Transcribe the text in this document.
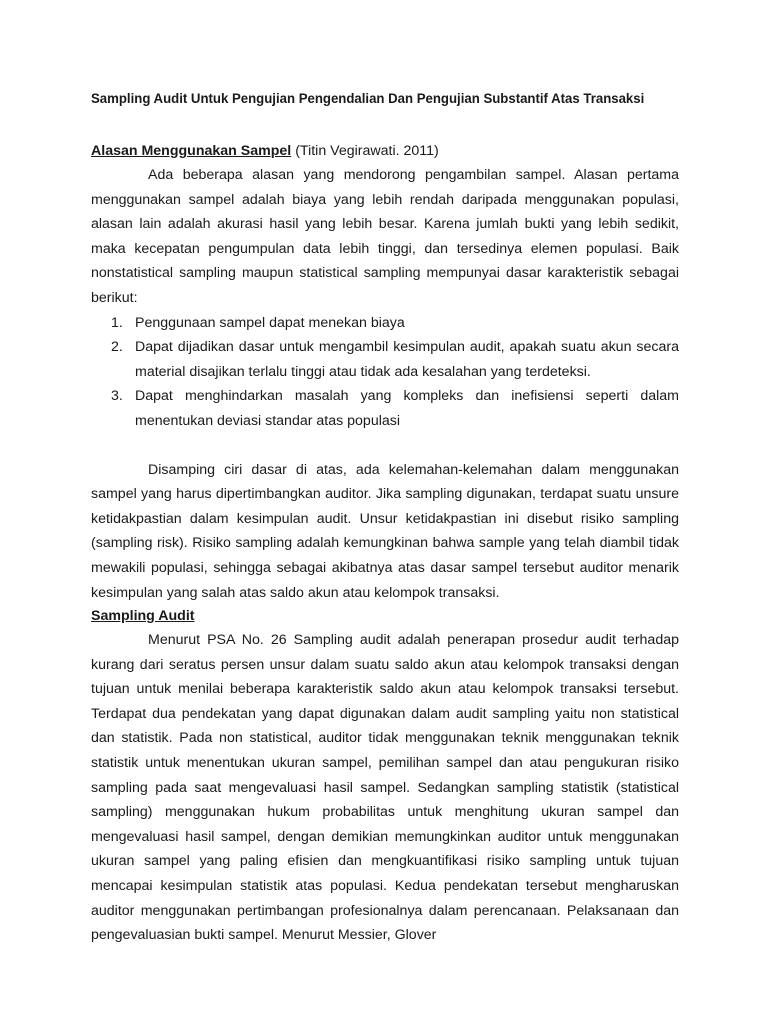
Sampling Audit Untuk Pengujian Pengendalian Dan Pengujian Substantif Atas Transaksi
Alasan Menggunakan Sampel (Titin Vegirawati. 2011)

Ada beberapa alasan yang mendorong pengambilan sampel. Alasan pertama menggunakan sampel adalah biaya yang lebih rendah daripada menggunakan populasi, alasan lain adalah akurasi hasil yang lebih besar. Karena jumlah bukti yang lebih sedikit, maka kecepatan pengumpulan data lebih tinggi, dan tersedinya elemen populasi. Baik nonstatistical sampling maupun statistical sampling mempunyai dasar karakteristik sebagai berikut:

1. Penggunaan sampel dapat menekan biaya
2. Dapat dijadikan dasar untuk mengambil kesimpulan audit, apakah suatu akun secara material disajikan terlalu tinggi atau tidak ada kesalahan yang terdeteksi.
3. Dapat menghindarkan masalah yang kompleks dan inefisiensi seperti dalam menentukan deviasi standar atas populasi

Disamping ciri dasar di atas, ada kelemahan-kelemahan dalam menggunakan sampel yang harus dipertimbangkan auditor. Jika sampling digunakan, terdapat suatu unsure ketidakpastian dalam kesimpulan audit. Unsur ketidakpastian ini disebut risiko sampling (sampling risk). Risiko sampling adalah kemungkinan bahwa sample yang telah diambil tidak mewakili populasi, sehingga sebagai akibatnya atas dasar sampel tersebut auditor menarik kesimpulan yang salah atas saldo akun atau kelompok transaksi.

Sampling Audit

Menurut PSA No. 26 Sampling audit adalah penerapan prosedur audit terhadap kurang dari seratus persen unsur dalam suatu saldo akun atau kelompok transaksi dengan tujuan untuk menilai beberapa karakteristik saldo akun atau kelompok transaksi tersebut. Terdapat dua pendekatan yang dapat digunakan dalam audit sampling yaitu non statistical dan statistik. Pada non statistical, auditor tidak menggunakan teknik menggunakan teknik statistik untuk menentukan ukuran sampel, pemilihan sampel dan atau pengukuran risiko sampling pada saat mengevaluasi hasil sampel. Sedangkan sampling statistik (statistical sampling) menggunakan hukum probabilitas untuk menghitung ukuran sampel dan mengevaluasi hasil sampel, dengan demikian memungkinkan auditor untuk menggunakan ukuran sampel yang paling efisien dan mengkuantifikasi risiko sampling untuk tujuan mencapai kesimpulan statistik atas populasi. Kedua pendekatan tersebut mengharuskan auditor menggunakan pertimbangan profesionalnya dalam perencanaan. Pelaksanaan dan pengevaluasian bukti sampel. Menurut Messier, Glover
